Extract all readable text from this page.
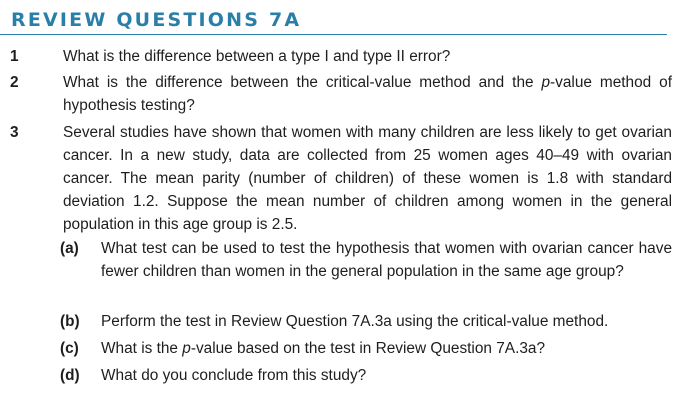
REVIEW QUESTIONS 7A
1	What is the difference between a type I and type II error?
2	What is the difference between the critical-value method and the p-value method of hypothesis testing?
3	Several studies have shown that women with many children are less likely to get ovarian cancer. In a new study, data are collected from 25 women ages 40–49 with ovarian cancer. The mean parity (number of children) of these women is 1.8 with standard deviation 1.2. Suppose the mean number of children among women in the general population in this age group is 2.5.
(a) What test can be used to test the hypothesis that women with ovarian cancer have fewer children than women in the general population in the same age group?
(b) Perform the test in Review Question 7A.3a using the critical-value method.
(c) What is the p-value based on the test in Review Question 7A.3a?
(d) What do you conclude from this study?
